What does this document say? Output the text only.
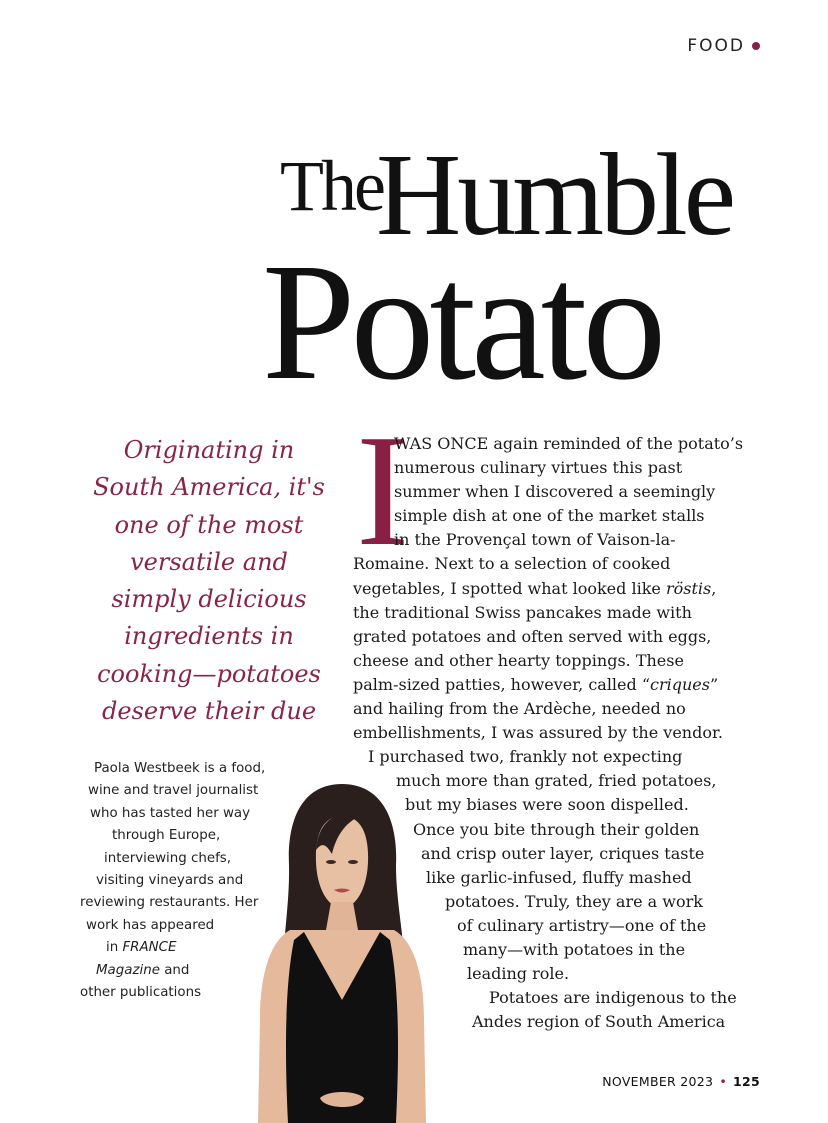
FOOD
The
Humble
Potato
Originating in
South America, it's
one of the most
versatile and
simply delicious
ingredients in
cooking—potatoes
deserve their due
Paola Westbeek is a food,
wine and travel journalist
who has tasted her way
through Europe,
interviewing chefs,
visiting vineyards and
reviewing restaurants. Her
work has appeared
in FRANCE
Magazine and
other publications
I
WAS ONCE again reminded of the potato’s
numerous culinary virtues this past
summer when I discovered a seemingly
simple dish at one of the market stalls
in the Provençal town of Vaison-la-
Romaine. Next to a selection of cooked
vegetables, I spotted what looked like röstis,
the traditional Swiss pancakes made with
grated potatoes and often served with eggs,
cheese and other hearty toppings. These
palm-sized patties, however, called “criques”
and hailing from the Ardèche, needed no
embellishments, I was assured by the vendor.
I purchased two, frankly not expecting
much more than grated, fried potatoes,
but my biases were soon dispelled.
Once you bite through their golden
and crisp outer layer, criques taste
like garlic-infused, fluffy mashed
potatoes. Truly, they are a work
of culinary artistry—one of the
many—with potatoes in the
leading role.
Potatoes are indigenous to the
Andes region of South America
NOVEMBER 2023 • 125
